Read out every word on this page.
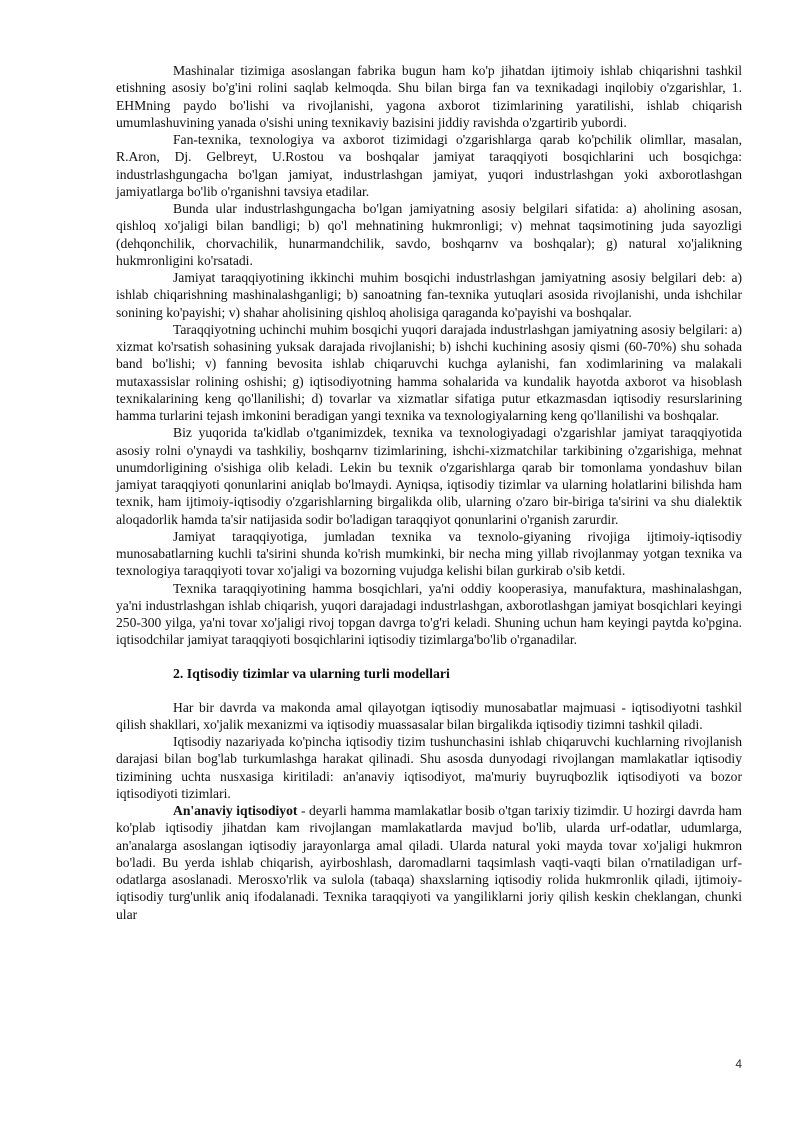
Mashinalar tizimiga asoslangan fabrika bugun ham ko'p jihatdan ijtimoiy ishlab chiqarishni tashkil etishning asosiy bo'g'ini rolini saqlab kelmoqda. Shu bilan birga fan va texnikadagi inqilobiy o'zgarishlar, 1. EHMning paydo bo'lishi va rivojlanishi, yagona axborot tizimlarining yaratilishi, ishlab chiqarish umumlashuvining yanada o'sishi uning texnikaviy bazisini jiddiy ravishda o'zgartirib yubordi.

Fan-texnika, texnologiya va axborot tizimidagi o'zgarishlarga qarab ko'pchilik olimllar, masalan, R.Aron, Dj. Gelbreyt, U.Rostou va boshqalar jamiyat taraqqiyoti bosqichlarini uch bosqichga: industrlashgungacha bo'lgan jamiyat, industrlashgan jamiyat, yuqori industrlashgan yoki axborotlashgan jamiyatlarga bo'lib o'rganishni tavsiya etadilar.

Bunda ular industrlashgungacha bo'lgan jamiyatning asosiy belgilari sifatida: a) aholining asosan, qishloq xo'jaligi bilan bandligi; b) qo'l mehnatining hukmronligi; v) mehnat taqsimotining juda sayozligi (dehqonchilik, chorvachilik, hunarmandchilik, savdo, boshqarnv va boshqalar); g) natural xo'jalikning hukmronligini ko'rsatadi.

Jamiyat taraqqiyotining ikkinchi muhim bosqichi industrlashgan jamiyatning asosiy belgilari deb: a) ishlab chiqarishning mashinalashganligi; b) sanoatning fan-texnika yutuqlari asosida rivojlanishi, unda ishchilar sonining ko'payishi; v) shahar aholisining qishloq aholisiga qaraganda ko'payishi va boshqalar.

Taraqqiyotning uchinchi muhim bosqichi yuqori darajada industrlashgan jamiyatning asosiy belgilari: a) xizmat ko'rsatish sohasining yuksak darajada rivojlanishi; b) ishchi kuchining asosiy qismi (60-70%) shu sohada band bo'lishi; v) fanning bevosita ishlab chiqaruvchi kuchga aylanishi, fan xodimlarining va malakali mutaxassislar rolining oshishi; g) iqtisodiyotning hamma sohalarida va kundalik hayotda axborot va hisoblash texnikalarining keng qo'llanilishi; d) tovarlar va xizmatlar sifatiga putur etkazmasdan iqtisodiy resurslarining hamma turlarini tejash imkonini beradigan yangi texnika va texnologiyalarning keng qo'llanilishi va boshqalar.

Biz yuqorida ta'kidlab o'tganimizdek, texnika va texnologiyadagi o'zgarishlar jamiyat taraqqiyotida asosiy rolni o'ynaydi va tashkiliy, boshqarnv tizimlarining, ishchi-xizmatchilar tarkibining o'zgarishiga, mehnat unumdorligining o'sishiga olib keladi. Lekin bu texnik o'zgarishlarga qarab bir tomonlama yondashuv bilan jamiyat taraqqiyoti qonunlarini aniqlab bo'lmaydi. Ayniqsa, iqtisodiy tizimlar va ularning holatlarini bilishda ham texnik, ham ijtimoiy-iqtisodiy o'zgarishlarning birgalikda olib, ularning o'zaro bir-biriga ta'sirini va shu dialektik aloqadorlik hamda ta'sir natijasida sodir bo'ladigan taraqqiyot qonunlarini o'rganish zarurdir.

Jamiyat taraqqiyotiga, jumladan texnika va texnolo-giyaning rivojiga ijtimoiy-iqtisodiy munosabatlarning kuchli ta'sirini shunda ko'rish mumkinki, bir necha ming yillab rivojlanmay yotgan texnika va texnologiya taraqqiyoti tovar xo'jaligi va bozorning vujudga kelishi bilan gurkirab o'sib ketdi.

Texnika taraqqiyotining hamma bosqichlari, ya'ni oddiy kooperasiya, manufaktura, mashinalashgan, ya'ni industrlashgan ishlab chiqarish, yuqori darajadagi industrlashgan, axborotlashgan jamiyat bosqichlari keyingi 250-300 yilga, ya'ni tovar xo'jaligi rivoj topgan davrga to'g'ri keladi. Shuning uchun ham keyingi paytda ko'pgina. iqtisodchilar jamiyat taraqqiyoti bosqichlarini iqtisodiy tizimlarga'bo'lib o'rganadilar.

2. Iqtisodiy tizimlar va ularning turli modellari

Har bir davrda va makonda amal qilayotgan iqtisodiy munosabatlar majmuasi - iqtisodiyotni tashkil qilish shakllari, xo'jalik mexanizmi va iqtisodiy muassasalar bilan birgalikda iqtisodiy tizimni tashkil qiladi.

Iqtisodiy nazariyada ko'pincha iqtisodiy tizim tushunchasini ishlab chiqaruvchi kuchlarning rivojlanish darajasi bilan bog'lab turkumlashga harakat qilinadi. Shu asosda dunyodagi rivojlangan mamlakatlar iqtisodiy tizimining uchta nusxasiga kiritiladi: an'anaviy iqtisodiyot, ma'muriy buyruqbozlik iqtisodiyoti va bozor iqtisodiyoti tizimlari.

An'anaviy iqtisodiyot - deyarli hamma mamlakatlar bosib o'tgan tarixiy tizimdir. U hozirgi davrda ham ko'plab iqtisodiy jihatdan kam rivojlangan mamlakatlarda mavjud bo'lib, ularda urf-odatlar, udumlarga, an'analarga asoslangan iqtisodiy jarayonlarga amal qiladi. Ularda natural yoki mayda tovar xo'jaligi hukmron bo'ladi. Bu yerda ishlab chiqarish, ayirboshlash, daromadlarni taqsimlash vaqti-vaqti bilan o'rnatiladigan urf-odatlarga asoslanadi. Merosxo'rlik va sulola (tabaqa) shaxslarning iqtisodiy rolida hukmronlik qiladi, ijtimoiy-iqtisodiy turg'unlik aniq ifodalanadi. Texnika taraqqiyoti va yangiliklarni joriy qilish keskin cheklangan, chunki ular

4
